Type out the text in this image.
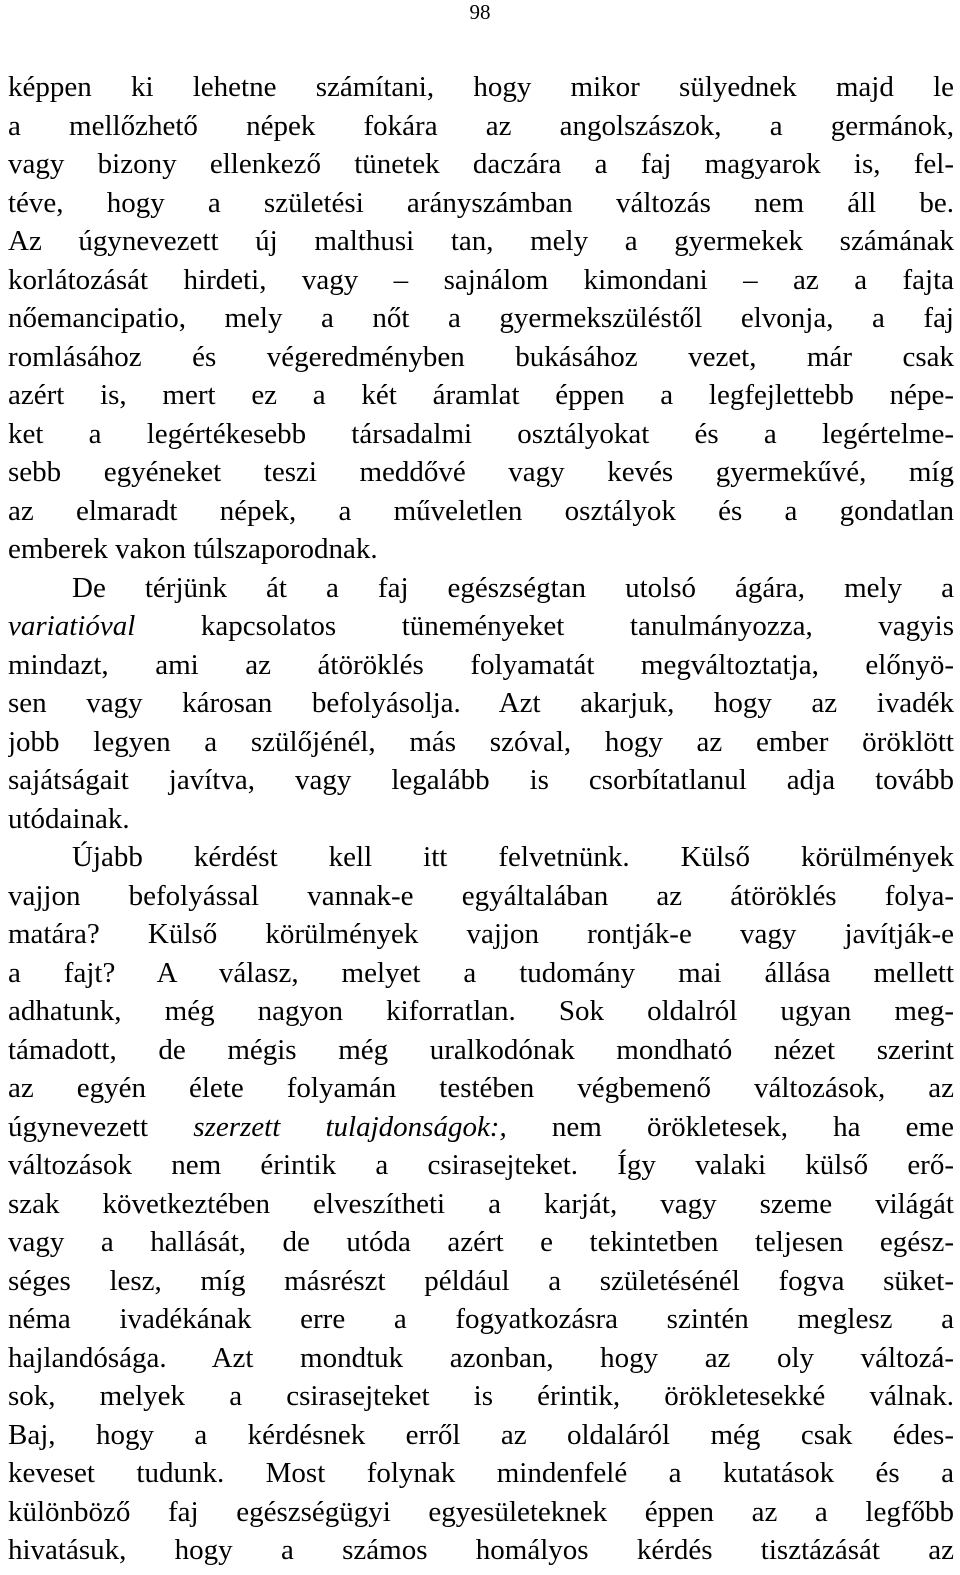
98
képpen ki lehetne számítani, hogy mikor sülyednek majd le
a mellőzhető népek fokára az angolszászok, a germánok,
vagy bizony ellenkező tünetek daczára a faj magyarok is, fel-
téve, hogy a születési arányszámban változás nem áll be.
Az úgynevezett új malthusi tan, mely a gyermekek számának
korlátozását hirdeti, vagy – sajnálom kimondani – az a fajta
nőemancipatio, mely a nőt a gyermekszüléstől elvonja, a faj
romlásához és végeredményben bukásához vezet, már csak
azért is, mert ez a két áramlat éppen a legfejlettebb népe-
ket a legértékesebb társadalmi osztályokat és a legértelme-
sebb egyéneket teszi meddővé vagy kevés gyermekűvé, míg
az elmaradt népek, a műveletlen osztályok és a gondatlan
emberek vakon túlszaporodnak.
De térjünk át a faj egészségtan utolsó ágára, mely a
variatióval kapcsolatos tüneményeket tanulmányozza, vagyis
mindazt, ami az átöröklés folyamatát megváltoztatja, előnyö-
sen vagy károsan befolyásolja. Azt akarjuk, hogy az ivadék
jobb legyen a szülőjénél, más szóval, hogy az ember öröklött
sajátságait javítva, vagy legalább is csorbítatlanul adja tovább
utódainak.
Újabb kérdést kell itt felvetnünk. Külső körülmények
vajjon befolyással vannak-e egyáltalában az átöröklés folya-
matára? Külső körülmények vajjon rontják-e vagy javítják-e
a fajt? A válasz, melyet a tudomány mai állása mellett
adhatunk, még nagyon kiforratlan. Sok oldalról ugyan meg-
támadott, de mégis még uralkodónak mondható nézet szerint
az egyén élete folyamán testében végbemenő változások, az
úgynevezett szerzett tulajdonságok:, nem örökletesek, ha eme
változások nem érintik a csirasejteket. Így valaki külső erő-
szak következtében elveszítheti a karját, vagy szeme világát
vagy a hallását, de utóda azért e tekintetben teljesen egész-
séges lesz, míg másrészt például a születésénél fogva süket-
néma ivadékának erre a fogyatkozásra szintén meglesz a
hajlandósága. Azt mondtuk azonban, hogy az oly változá-
sok, melyek a csirasejteket is érintik, örökletesekké válnak.
Baj, hogy a kérdésnek erről az oldaláról még csak édes-
keveset tudunk. Most folynak mindenfelé a kutatások és a
különböző faj egészségügyi egyesületeknek éppen az a legfőbb
hivatásuk, hogy a számos homályos kérdés tisztázását az
